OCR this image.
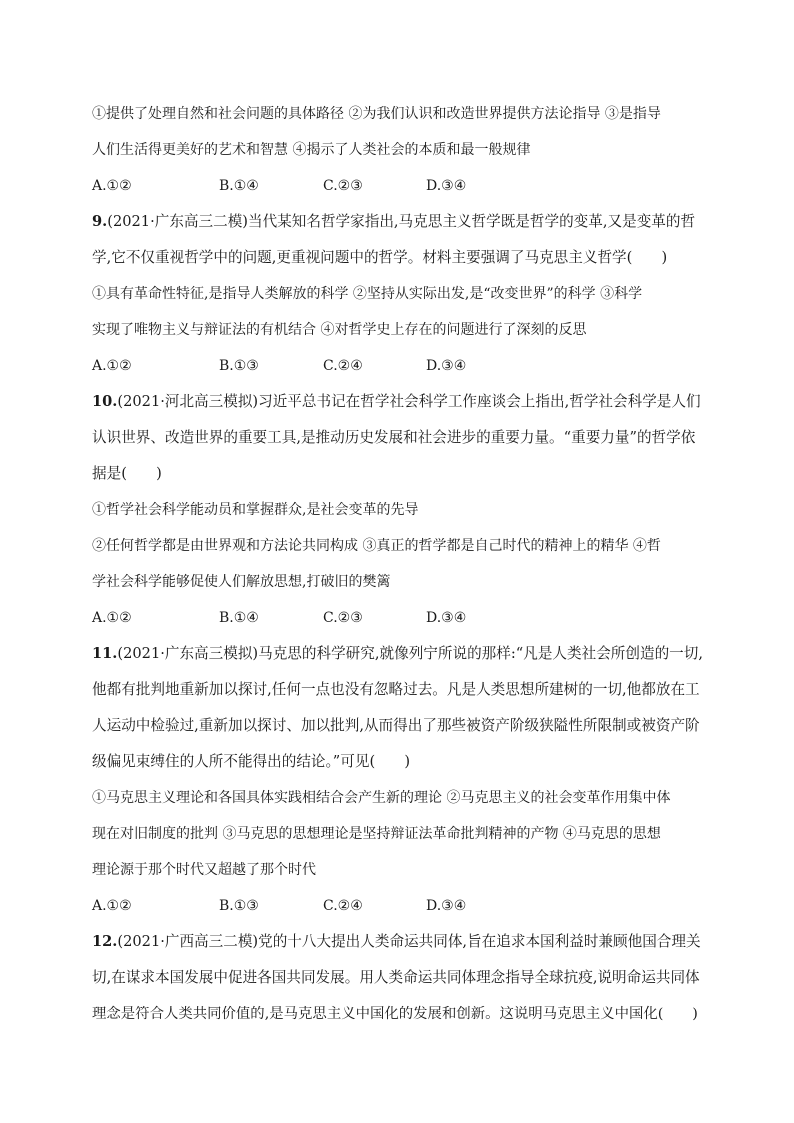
①提供了处理自然和社会问题的具体路径 ②为我们认识和改造世界提供方法论指导 ③是指导
人们生活得更美好的艺术和智慧 ④揭示了人类社会的本质和最一般规律
A.①②	B.①④	C.②③	D.③④
9.(2021·广东高三二模)当代某知名哲学家指出,马克思主义哲学既是哲学的变革,又是变革的哲
学,它不仅重视哲学中的问题,更重视问题中的哲学。材料主要强调了马克思主义哲学(　　)
①具有革命性特征,是指导人类解放的科学 ②坚持从实际出发,是“改变世界”的科学 ③科学
实现了唯物主义与辩证法的有机结合 ④对哲学史上存在的问题进行了深刻的反思
A.①②	B.①③	C.②④	D.③④
10.(2021·河北高三模拟)习近平总书记在哲学社会科学工作座谈会上指出,哲学社会科学是人们
认识世界、改造世界的重要工具,是推动历史发展和社会进步的重要力量。“重要力量”的哲学依
据是(　　)
①哲学社会科学能动员和掌握群众,是社会变革的先导
②任何哲学都是由世界观和方法论共同构成 ③真正的哲学都是自己时代的精神上的精华 ④哲
学社会科学能够促使人们解放思想,打破旧的樊篱
A.①②	B.①④	C.②③	D.③④
11.(2021·广东高三模拟)马克思的科学研究,就像列宁所说的那样:“凡是人类社会所创造的一切,
他都有批判地重新加以探讨,任何一点也没有忽略过去。凡是人类思想所建树的一切,他都放在工
人运动中检验过,重新加以探讨、加以批判,从而得出了那些被资产阶级狭隘性所限制或被资产阶
级偏见束缚住的人所不能得出的结论。”可见(　　)
①马克思主义理论和各国具体实践相结合会产生新的理论 ②马克思主义的社会变革作用集中体
现在对旧制度的批判 ③马克思的思想理论是坚持辩证法革命批判精神的产物 ④马克思的思想
理论源于那个时代又超越了那个时代
A.①②	B.①③	C.②④	D.③④
12.(2021·广西高三二模)党的十八大提出人类命运共同体,旨在追求本国利益时兼顾他国合理关
切,在谋求本国发展中促进各国共同发展。用人类命运共同体理念指导全球抗疫,说明命运共同体
理念是符合人类共同价值的,是马克思主义中国化的发展和创新。这说明马克思主义中国化(　　)
